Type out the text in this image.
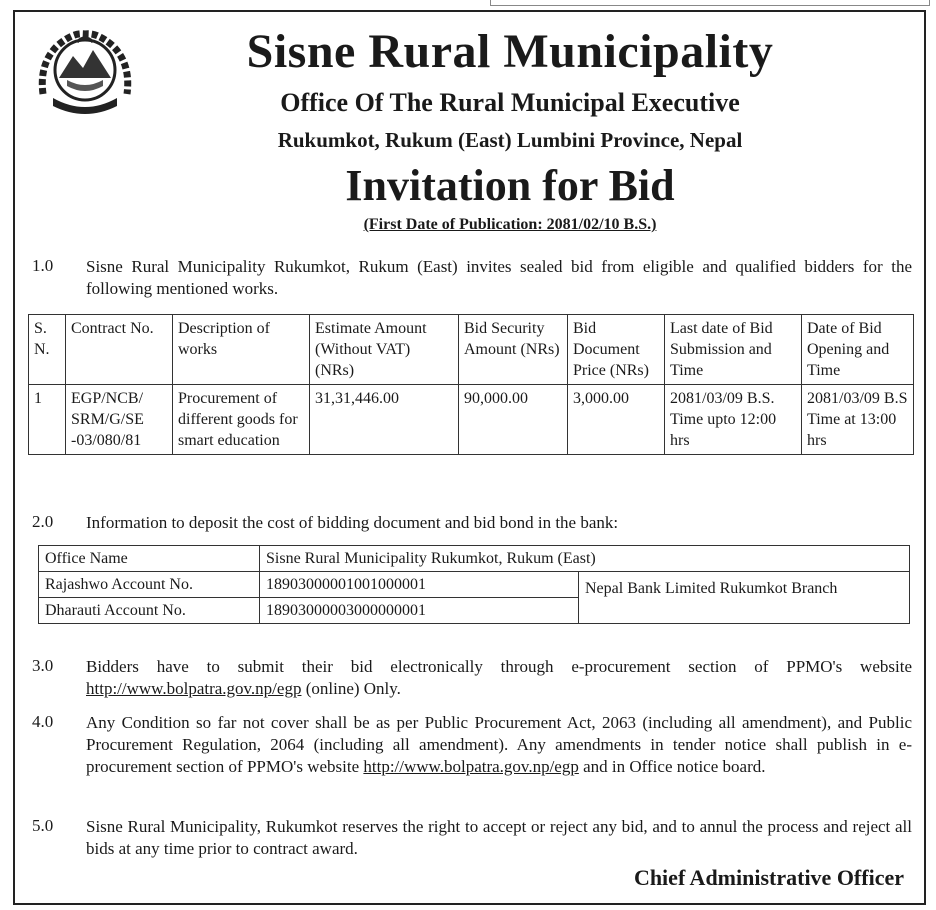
Sisne Rural Municipality
Office Of The Rural Municipal Executive
Rukumkot, Rukum (East) Lumbini Province, Nepal
Invitation for Bid
(First Date of Publication: 2081/02/10 B.S.)
1.0 Sisne Rural Municipality Rukumkot, Rukum (East) invites sealed bid from eligible and qualified bidders for the following mentioned works.
S. N.	Contract No.	Description of works	Estimate Amount (Without VAT) (NRs)	Bid Security Amount (NRs)	Bid Document Price (NRs)	Last date of Bid Submission and Time	Date of Bid Opening and Time
1	EGP/NCB/ SRM/G/SE -03/080/81	Procurement of different goods for smart education	31,31,446.00	90,000.00	3,000.00	2081/03/09 B.S. Time upto 12:00 hrs	2081/03/09 B.S Time at 13:00 hrs
2.0 Information to deposit the cost of bidding document and bid bond in the bank:
Office Name	Sisne Rural Municipality Rukumkot, Rukum (East)	
Rajashwo Account No.	18903000001001000001	Nepal Bank Limited Rukumkot Branch
Dharauti Account No.	18903000003000000001	
3.0 Bidders have to submit their bid electronically through e-procurement section of PPMO's website http://www.bolpatra.gov.np/egp (online) Only.
4.0 Any Condition so far not cover shall be as per Public Procurement Act, 2063 (including all amendment), and Public Procurement Regulation, 2064 (including all amendment). Any amendments in tender notice shall publish in e-procurement section of PPMO's website http://www.bolpatra.gov.np/egp and in Office notice board.
5.0 Sisne Rural Municipality, Rukumkot reserves the right to accept or reject any bid, and to annul the process and reject all bids at any time prior to contract award.
Chief Administrative Officer
